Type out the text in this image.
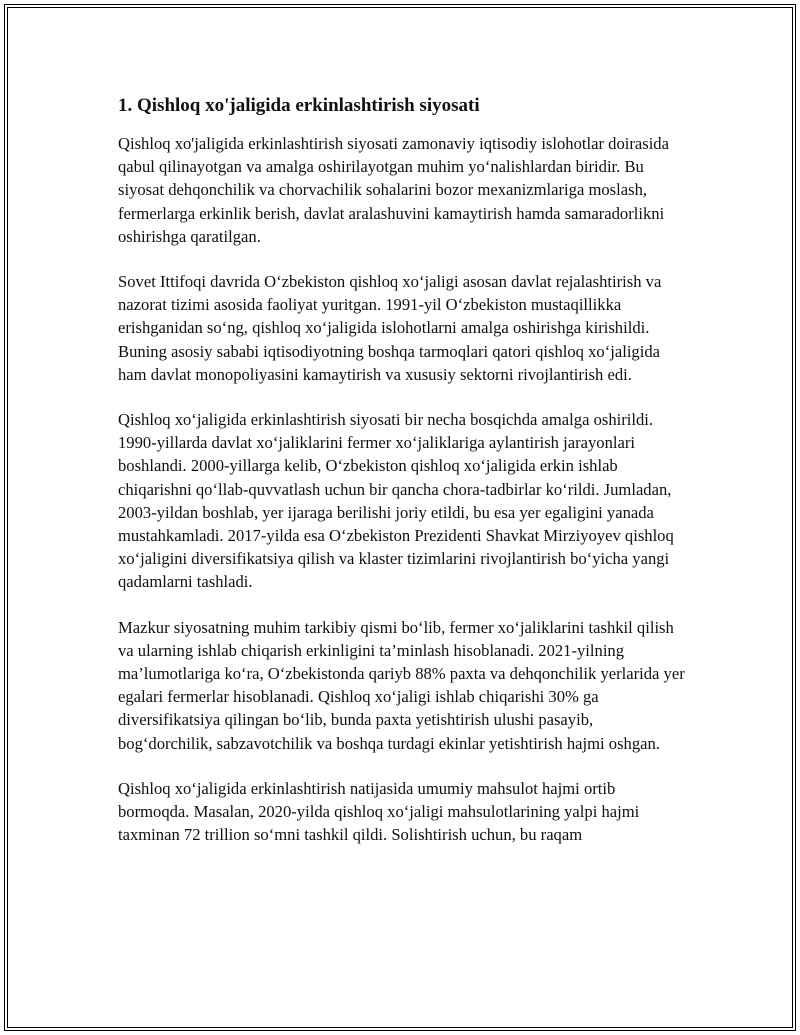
1. Qishloq xo'jaligida erkinlashtirish siyosati

Qishloq xo'jaligida erkinlashtirish siyosati zamonaviy iqtisodiy islohotlar doirasida qabul qilinayotgan va amalga oshirilayotgan muhim yo‘nalishlardan biridir. Bu siyosat dehqonchilik va chorvachilik sohalarini bozor mexanizmlariga moslash, fermerlarga erkinlik berish, davlat aralashuvini kamaytirish hamda samaradorlikni oshirishga qaratilgan.

Sovet Ittifoqi davrida O‘zbekiston qishloq xo‘jaligi asosan davlat rejalashtirish va nazorat tizimi asosida faoliyat yuritgan. 1991-yil O‘zbekiston mustaqillikka erishganidan so‘ng, qishloq xo‘jaligida islohotlarni amalga oshirishga kirishildi. Buning asosiy sababi iqtisodiyotning boshqa tarmoqlari qatori qishloq xo‘jaligida ham davlat monopoliyasini kamaytirish va xususiy sektorni rivojlantirish edi.

Qishloq xo‘jaligida erkinlashtirish siyosati bir necha bosqichda amalga oshirildi. 1990-yillarda davlat xo‘jaliklarini fermer xo‘jaliklariga aylantirish jarayonlari boshlandi. 2000-yillarga kelib, O‘zbekiston qishloq xo‘jaligida erkin ishlab chiqarishni qo‘llab-quvvatlash uchun bir qancha chora-tadbirlar ko‘rildi. Jumladan, 2003-yildan boshlab, yer ijaraga berilishi joriy etildi, bu esa yer egaligini yanada mustahkamladi. 2017-yilda esa O‘zbekiston Prezidenti Shavkat Mirziyoyev qishloq xo‘jaligini diversifikatsiya qilish va klaster tizimlarini rivojlantirish bo‘yicha yangi qadamlarni tashladi.

Mazkur siyosatning muhim tarkibiy qismi bo‘lib, fermer xo‘jaliklarini tashkil qilish va ularning ishlab chiqarish erkinligini ta’minlash hisoblanadi. 2021-yilning ma’lumotlariga ko‘ra, O‘zbekistonda qariyb 88% paxta va dehqonchilik yerlarida yer egalari fermerlar hisoblanadi. Qishloq xo‘jaligi ishlab chiqarishi 30% ga diversifikatsiya qilingan bo‘lib, bunda paxta yetishtirish ulushi pasayib, bog‘dorchilik, sabzavotchilik va boshqa turdagi ekinlar yetishtirish hajmi oshgan.

Qishloq xo‘jaligida erkinlashtirish natijasida umumiy mahsulot hajmi ortib bormoqda. Masalan, 2020-yilda qishloq xo‘jaligi mahsulotlarining yalpi hajmi taxminan 72 trillion so‘mni tashkil qildi. Solishtirish uchun, bu raqam
